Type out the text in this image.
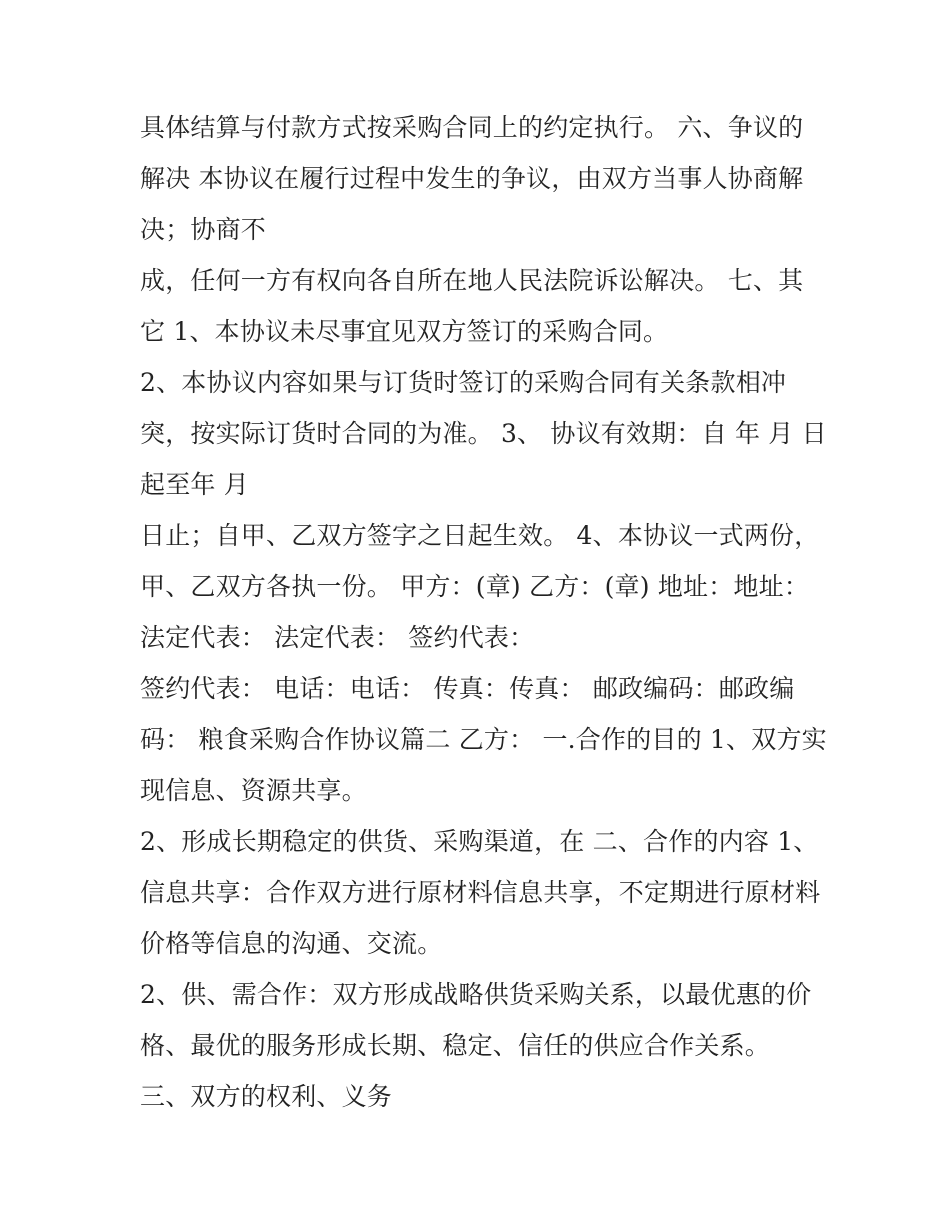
具体结算与付款方式按采购合同上的约定执行。 六、争议的
解决 本协议在履行过程中发生的争议，由双方当事人协商解
决；协商不
成，任何一方有权向各自所在地人民法院诉讼解决。 七、其
它 1、本协议未尽事宜见双方签订的采购合同。
2、本协议内容如果与订货时签订的采购合同有关条款相冲
突，按实际订货时合同的为准。 3、 协议有效期：自 年 月 日
起至年 月
日止；自甲、乙双方签字之日起生效。 4、本协议一式两份，
甲、乙双方各执一份。 甲方：(章) 乙方：(章) 地址：地址：
法定代表： 法定代表： 签约代表：
签约代表： 电话：电话： 传真：传真： 邮政编码：邮政编
码： 粮食采购合作协议篇二 乙方： 一.合作的目的 1、双方实
现信息、资源共享。
2、形成长期稳定的供货、采购渠道，在 二、合作的内容 1、
信息共享：合作双方进行原材料信息共享，不定期进行原材料
价格等信息的沟通、交流。
2、供、需合作：双方形成战略供货采购关系，以最优惠的价
格、最优的服务形成长期、稳定、信任的供应合作关系。
三、双方的权利、义务
